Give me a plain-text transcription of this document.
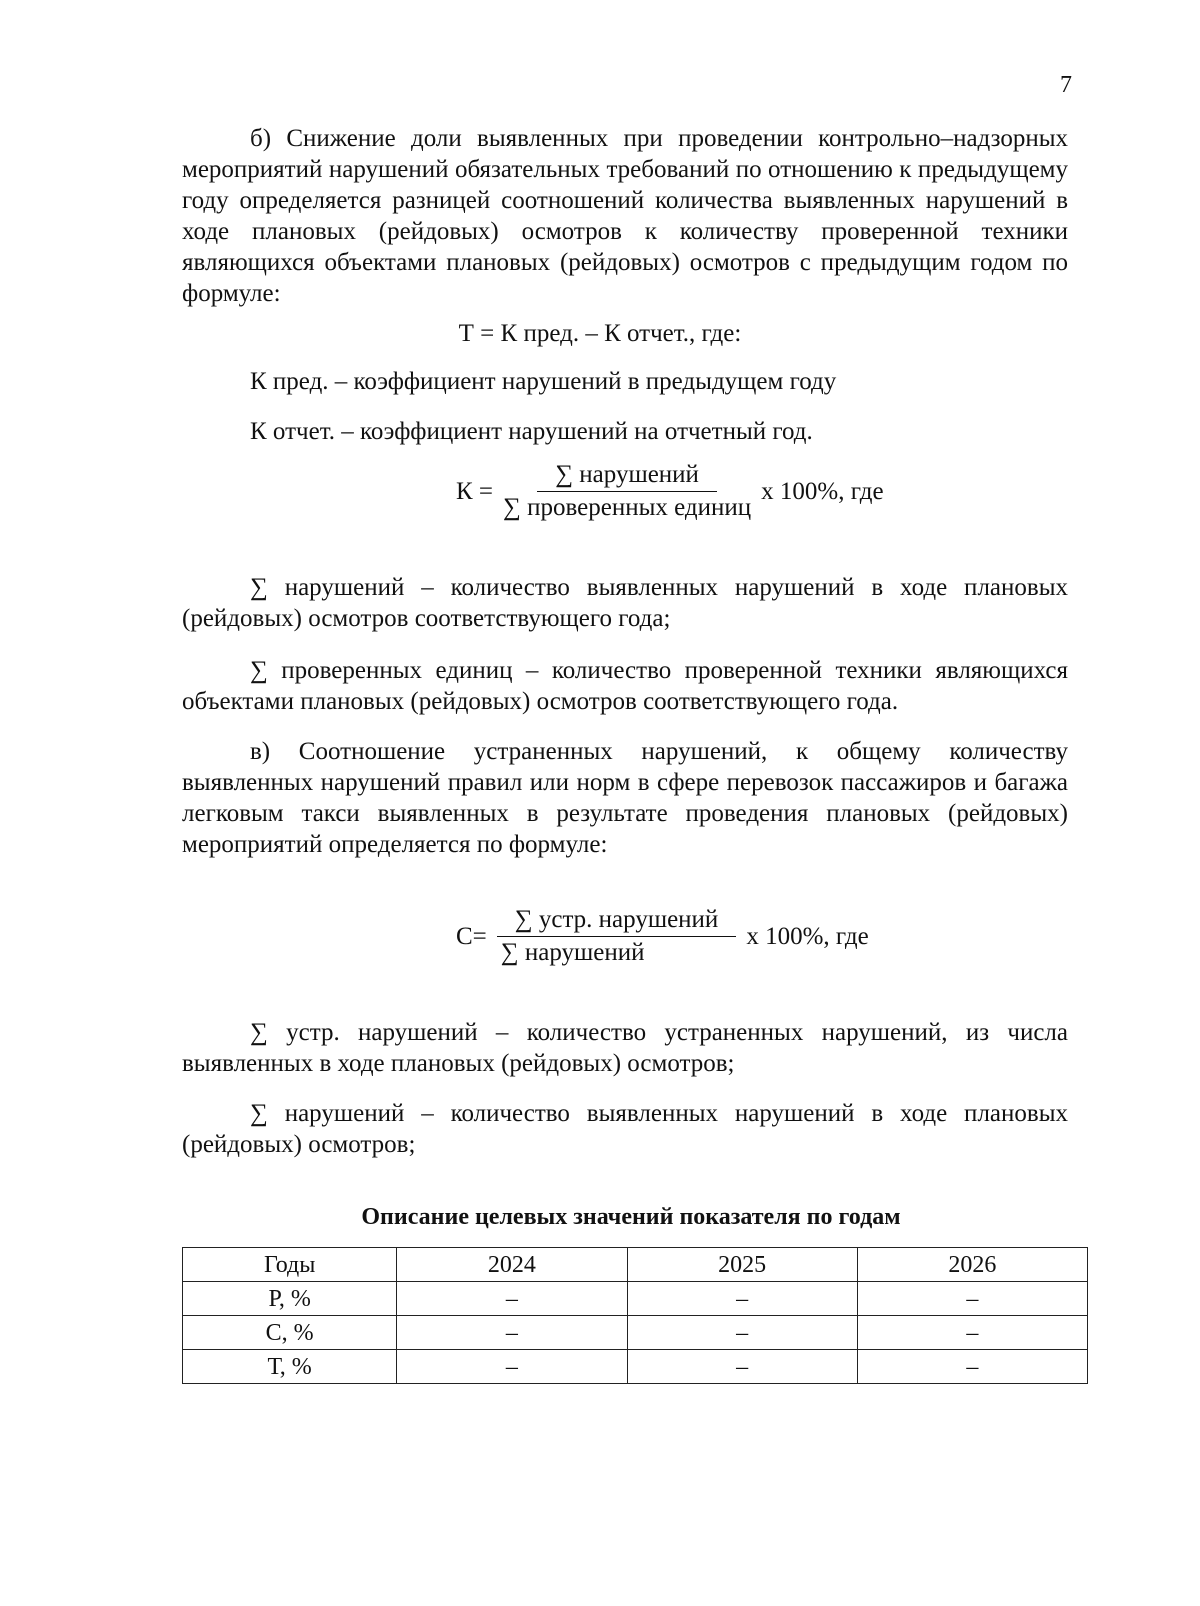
7

б) Снижение доли выявленных при проведении контрольно–надзорных мероприятий нарушений обязательных требований по отношению к предыдущему году определяется разницей соотношений количества выявленных нарушений в ходе плановых (рейдовых) осмотров к количеству проверенной техники являющихся объектами плановых (рейдовых) осмотров с предыдущим годом по формуле:

Т = К пред. – К отчет., где:

К пред. – коэффициент нарушений в предыдущем году

К отчет. – коэффициент нарушений на отчетный год.

$К = \frac{\text{∑ нарушений}}{\text{∑ проверенных единиц}}$ х 100%, где

∑ нарушений – количество выявленных нарушений в ходе плановых (рейдовых) осмотров соответствующего года;

∑ проверенных единиц – количество проверенной техники являющихся объектами плановых (рейдовых) осмотров соответствующего года.

в) Соотношение устраненных нарушений, к общему количеству выявленных нарушений правил или норм в сфере перевозок пассажиров и багажа легковым такси выявленных в результате проведения плановых (рейдовых) мероприятий определяется по формуле:

$С= \frac{\text{∑ устр. нарушений}}{\text{∑ нарушений}}$ х 100%, где

∑ устр. нарушений – количество устраненных нарушений, из числа выявленных в ходе плановых (рейдовых) осмотров;

∑ нарушений – количество выявленных нарушений в ходе плановых (рейдовых) осмотров;

Описание целевых значений показателя по годам
Годы	2024	2025	2026
Р, %	–	–	–
С, %	–	–	–
Т, %	–	–	–
